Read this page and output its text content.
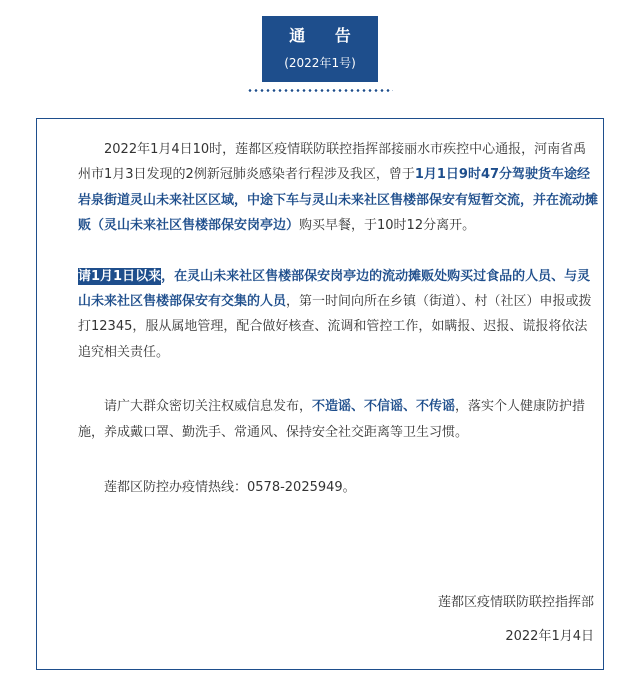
通 告
(2022年1号)

2022年1月4日10时，莲都区疫情联防联控指挥部接丽水市疾控中心通报，河南省禹州市1月3日发现的2例新冠肺炎感染者行程涉及我区，曾于1月1日9时47分驾驶货车途经岩泉街道灵山未来社区区域，中途下车与灵山未来社区售楼部保安有短暂交流，并在流动摊贩（灵山未来社区售楼部保安岗亭边）购买早餐，于10时12分离开。

请1月1日以来，在灵山未来社区售楼部保安岗亭边的流动摊贩处购买过食品的人员、与灵山未来社区售楼部保安有交集的人员，第一时间向所在乡镇（街道）、村（社区）申报或拨打12345，服从属地管理，配合做好核查、流调和管控工作，如瞒报、迟报、谎报将依法追究相关责任。

请广大群众密切关注权威信息发布，不造谣、不信谣、不传谣，落实个人健康防护措施，养成戴口罩、勤洗手、常通风、保持安全社交距离等卫生习惯。

莲都区防控办疫情热线：0578-2025949。

莲都区疫情联防联控指挥部
2022年1月4日
